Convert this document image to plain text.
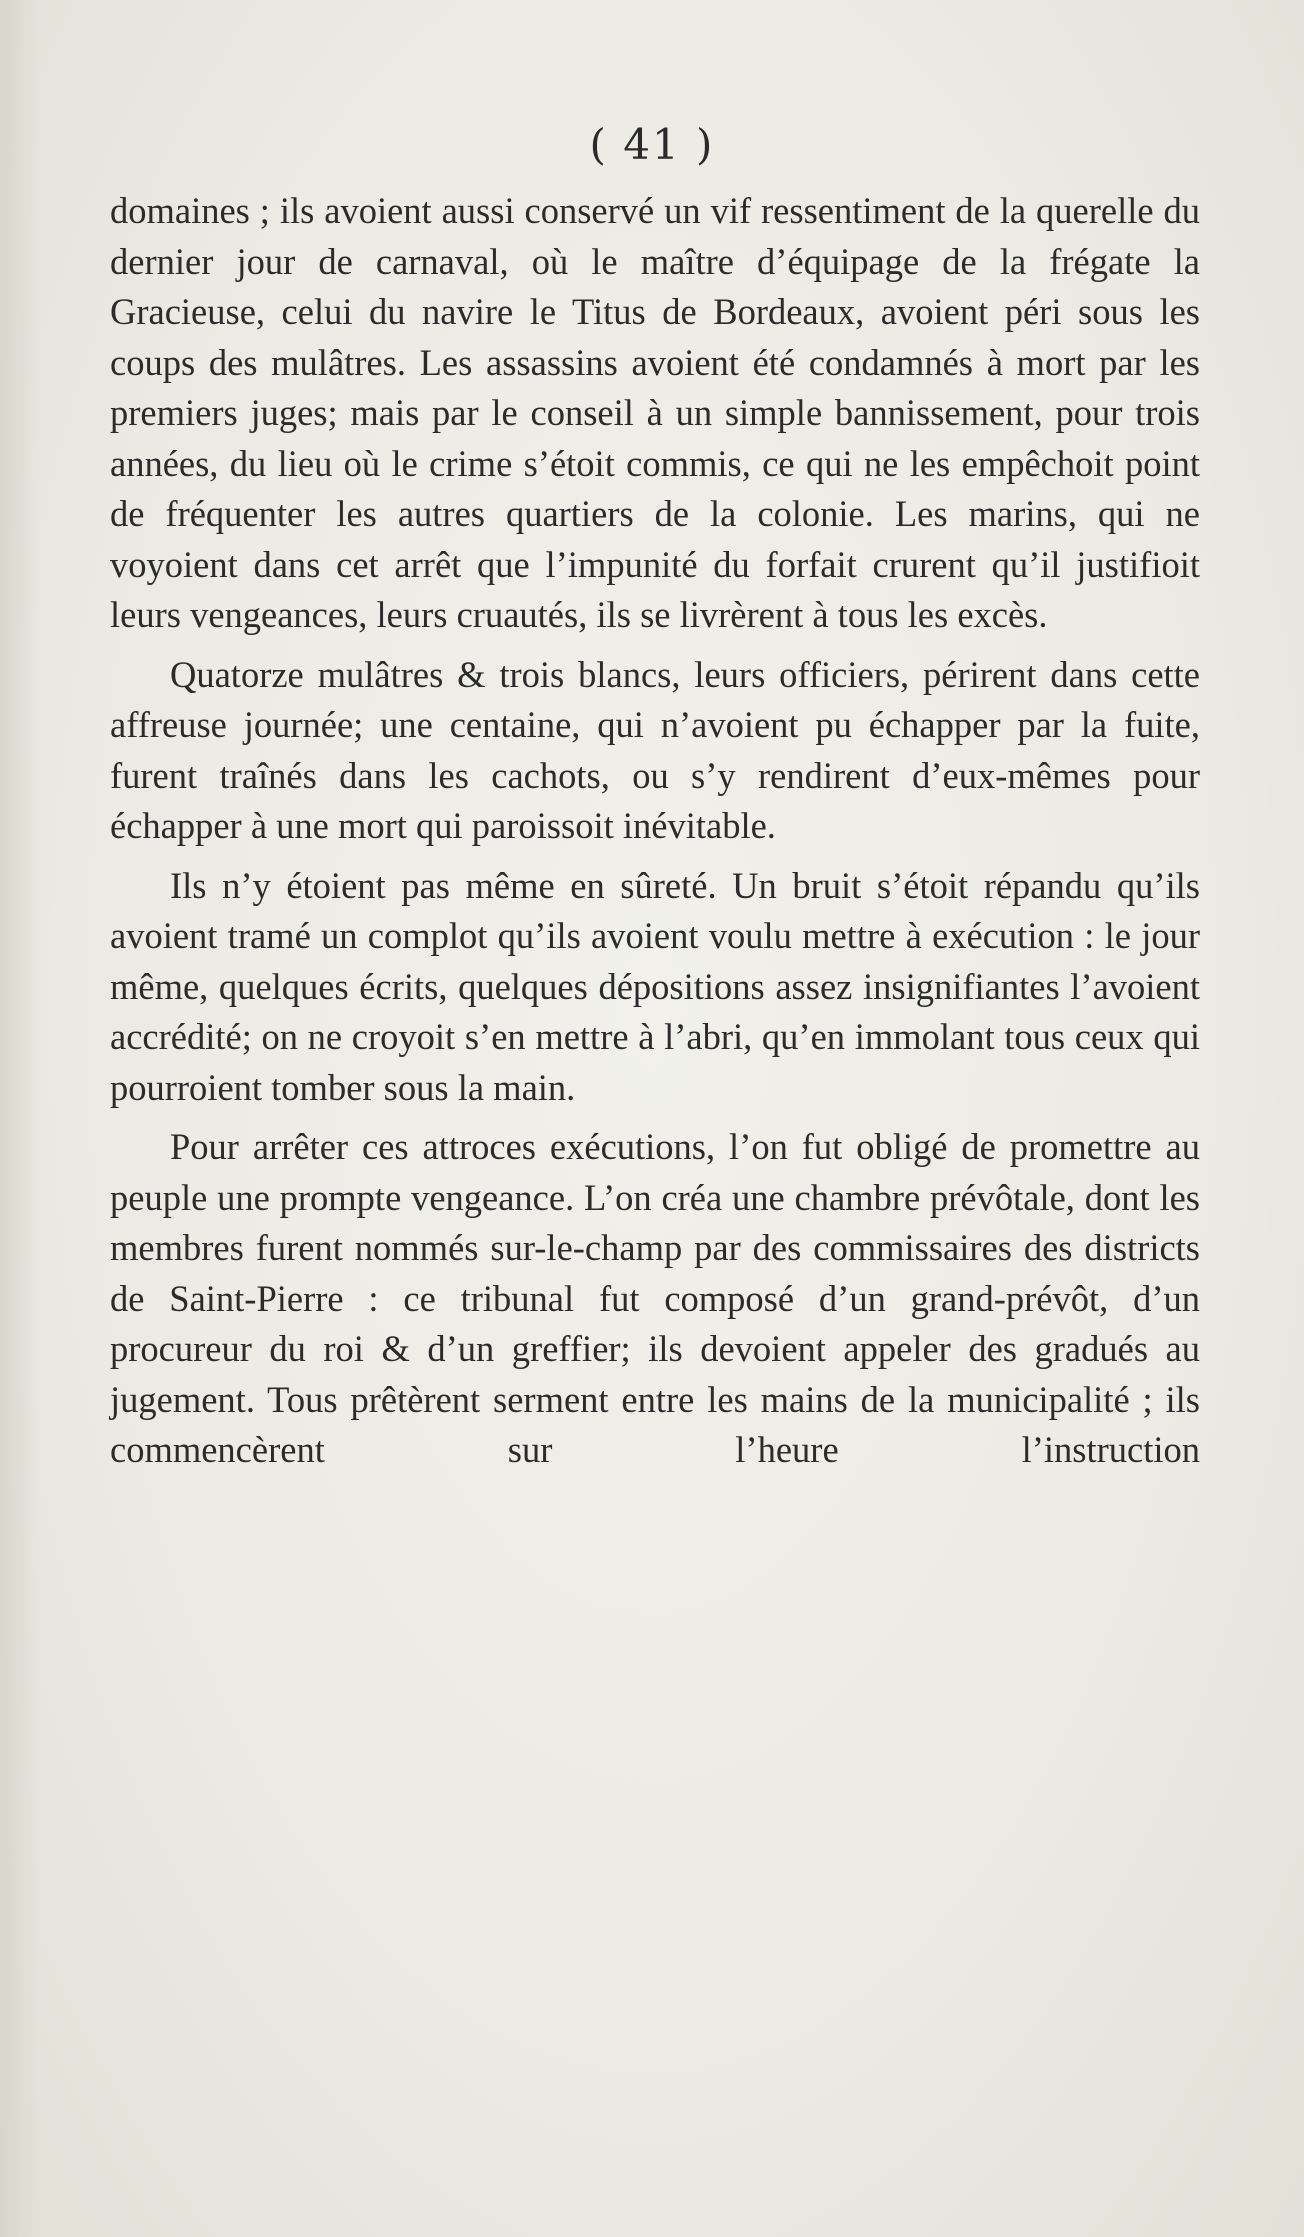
( 41 )

domaines ; ils avoient aussi conservé un vif ressentiment de la querelle du dernier jour de carnaval, où le maître d’équipage de la frégate la Gracieuse, celui du navire le Titus de Bordeaux, avoient péri sous les coups des mulâtres. Les assassins avoient été condamnés à mort par les premiers juges; mais par le conseil à un simple bannissement, pour trois années, du lieu où le crime s’étoit commis, ce qui ne les empêchoit point de fréquenter les autres quartiers de la colonie. Les marins, qui ne voyoient dans cet arrêt que l’impunité du forfait crurent qu’il justifioit leurs vengeances, leurs cruautés, ils se livrèrent à tous les excès.

Quatorze mulâtres & trois blancs, leurs officiers, périrent dans cette affreuse journée; une centaine, qui n’avoient pu échapper par la fuite, furent traînés dans les cachots, ou s’y rendirent d’eux-mêmes pour échapper à une mort qui paroissoit inévitable.

Ils n’y étoient pas même en sûreté. Un bruit s’étoit répandu qu’ils avoient tramé un complot qu’ils avoient voulu mettre à exécution : le jour même, quelques écrits, quelques dépositions assez insignifiantes l’avoient accrédité; on ne croyoit s’en mettre à l’abri, qu’en immolant tous ceux qui pourroient tomber sous la main.

Pour arrêter ces attroces exécutions, l’on fut obligé de promettre au peuple une prompte vengeance. L’on créa une chambre prévôtale, dont les membres furent nommés sur-le-champ par des commissaires des districts de Saint-Pierre : ce tribunal fut composé d’un grand-prévôt, d’un procureur du roi & d’un greffier; ils devoient appeler des gradués au jugement. Tous prêtèrent serment entre les mains de la municipalité ; ils commencèrent sur l’heure l’instruction
